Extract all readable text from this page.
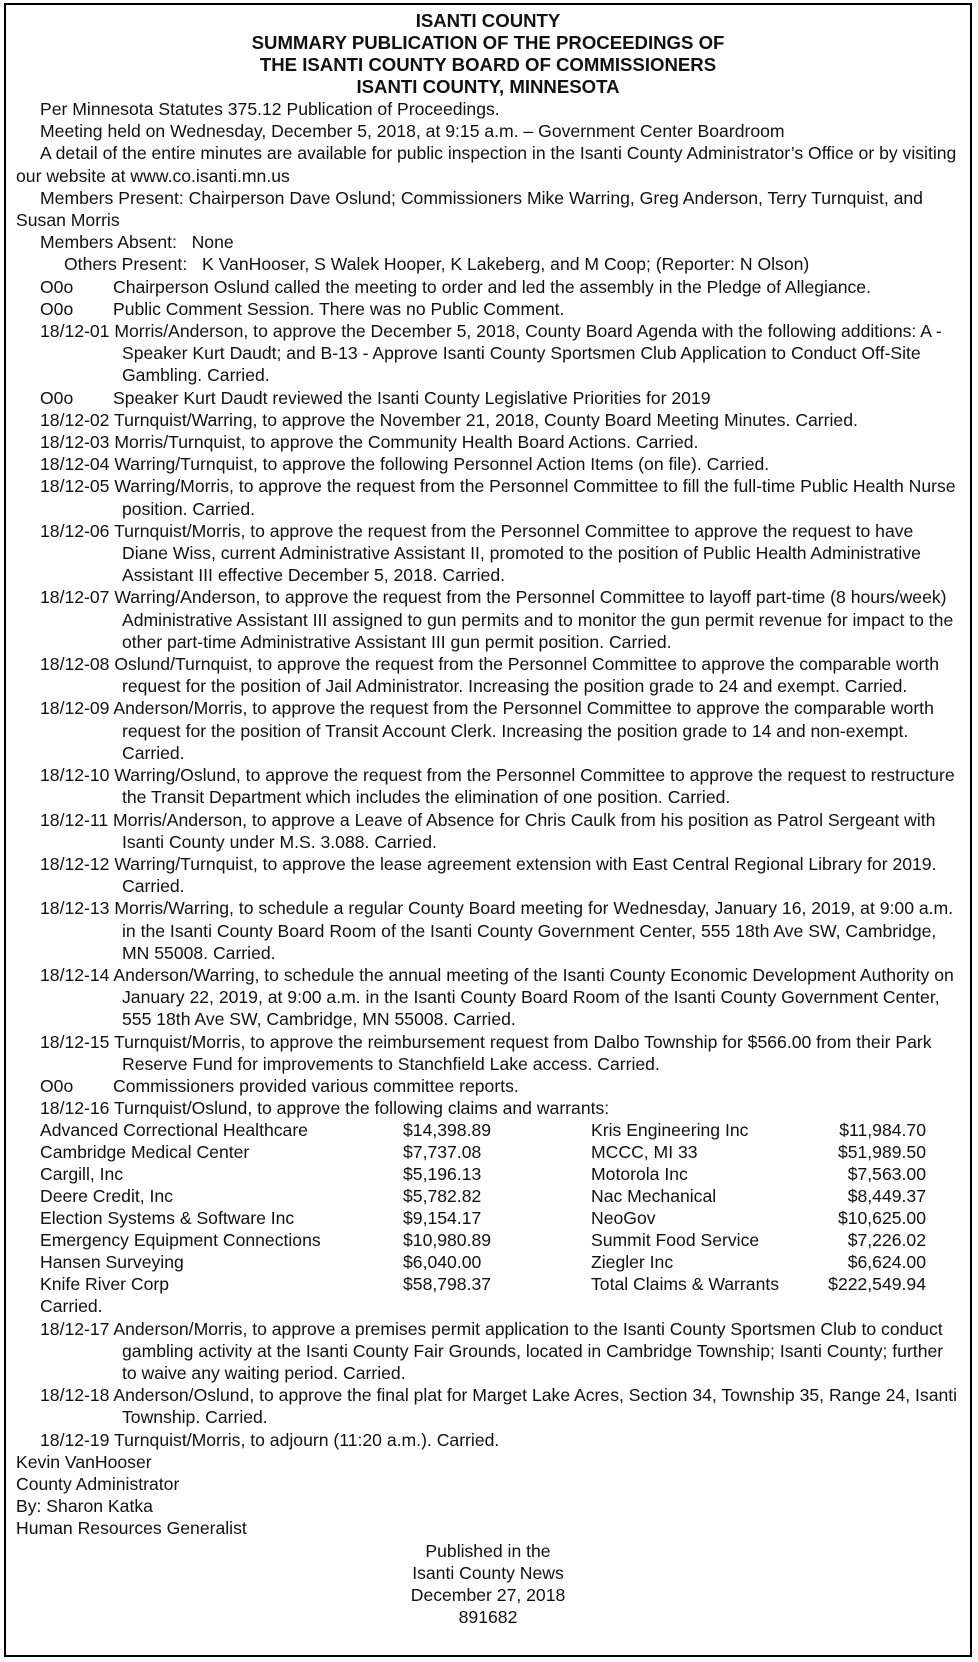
ISANTI COUNTY
SUMMARY PUBLICATION OF THE PROCEEDINGS OF
THE ISANTI COUNTY BOARD OF COMMISSIONERS
ISANTI COUNTY, MINNESOTA

Per Minnesota Statutes 375.12 Publication of Proceedings.

Meeting held on Wednesday, December 5, 2018, at 9:15 a.m. – Government Center Boardroom

A detail of the entire minutes are available for public inspection in the Isanti County Administrator’s Office or by visiting our website at www.co.isanti.mn.us

Members Present: Chairperson Dave Oslund; Commissioners Mike Warring, Greg Anderson, Terry Turnquist, and Susan Morris

Members Absent: None

Others Present: K VanHooser, S Walek Hooper, K Lakeberg, and M Coop; (Reporter: N Olson)

O0o Chairperson Oslund called the meeting to order and led the assembly in the Pledge of Allegiance.
O0o Public Comment Session. There was no Public Comment.
18/12-01 Morris/Anderson, to approve the December 5, 2018, County Board Agenda with the following additions: A - Speaker Kurt Daudt; and B-13 - Approve Isanti County Sportsmen Club Application to Conduct Off-Site Gambling. Carried.
O0o Speaker Kurt Daudt reviewed the Isanti County Legislative Priorities for 2019
18/12-02 Turnquist/Warring, to approve the November 21, 2018, County Board Meeting Minutes. Carried.
18/12-03 Morris/Turnquist, to approve the Community Health Board Actions. Carried.
18/12-04 Warring/Turnquist, to approve the following Personnel Action Items (on file). Carried.
18/12-05 Warring/Morris, to approve the request from the Personnel Committee to fill the full-time Public Health Nurse position. Carried.
18/12-06 Turnquist/Morris, to approve the request from the Personnel Committee to approve the request to have Diane Wiss, current Administrative Assistant II, promoted to the position of Public Health Administrative Assistant III effective December 5, 2018. Carried.
18/12-07 Warring/Anderson, to approve the request from the Personnel Committee to layoff part-time (8 hours/week) Administrative Assistant III assigned to gun permits and to monitor the gun permit revenue for impact to the other part-time Administrative Assistant III gun permit position. Carried.
18/12-08 Oslund/Turnquist, to approve the request from the Personnel Committee to approve the comparable worth request for the position of Jail Administrator. Increasing the position grade to 24 and exempt. Carried.
18/12-09 Anderson/Morris, to approve the request from the Personnel Committee to approve the comparable worth request for the position of Transit Account Clerk. Increasing the position grade to 14 and non-exempt. Carried.
18/12-10 Warring/Oslund, to approve the request from the Personnel Committee to approve the request to restructure the Transit Department which includes the elimination of one position. Carried.
18/12-11 Morris/Anderson, to approve a Leave of Absence for Chris Caulk from his position as Patrol Sergeant with Isanti County under M.S. 3.088. Carried.
18/12-12 Warring/Turnquist, to approve the lease agreement extension with East Central Regional Library for 2019. Carried.
18/12-13 Morris/Warring, to schedule a regular County Board meeting for Wednesday, January 16, 2019, at 9:00 a.m. in the Isanti County Board Room of the Isanti County Government Center, 555 18th Ave SW, Cambridge, MN 55008. Carried.
18/12-14 Anderson/Warring, to schedule the annual meeting of the Isanti County Economic Development Authority on January 22, 2019, at 9:00 a.m. in the Isanti County Board Room of the Isanti County Government Center, 555 18th Ave SW, Cambridge, MN 55008. Carried.
18/12-15 Turnquist/Morris, to approve the reimbursement request from Dalbo Township for $566.00 from their Park Reserve Fund for improvements to Stanchfield Lake access. Carried.
O0o Commissioners provided various committee reports.
18/12-16 Turnquist/Oslund, to approve the following claims and warrants:
Advanced Correctional Healthcare
Cambridge Medical Center
Cargill, Inc
Deere Credit, Inc
Election Systems & Software Inc
Emergency Equipment Connections
Hansen Surveying
Knife River Corp
$14,398.89
$7,737.08
$5,196.13
$5,782.82
$9,154.17
$10,980.89
$6,040.00
$58,798.37
Kris Engineering Inc
MCCC, MI 33
Motorola Inc
Nac Mechanical
NeoGov
Summit Food Service
Ziegler Inc
Total Claims & Warrants
$11,984.70
$51,989.50
$7,563.00
$8,449.37
$10,625.00
$7,226.02
$6,624.00
$222,549.94
Carried.
18/12-17 Anderson/Morris, to approve a premises permit application to the Isanti County Sportsmen Club to conduct gambling activity at the Isanti County Fair Grounds, located in Cambridge Township; Isanti County; further to waive any waiting period. Carried.
18/12-18 Anderson/Oslund, to approve the final plat for Marget Lake Acres, Section 34, Township 35, Range 24, Isanti Township. Carried.
18/12-19 Turnquist/Morris, to adjourn (11:20 a.m.). Carried.
Kevin VanHooser
County Administrator
By: Sharon Katka
Human Resources Generalist
Published in the
Isanti County News
December 27, 2018
891682
